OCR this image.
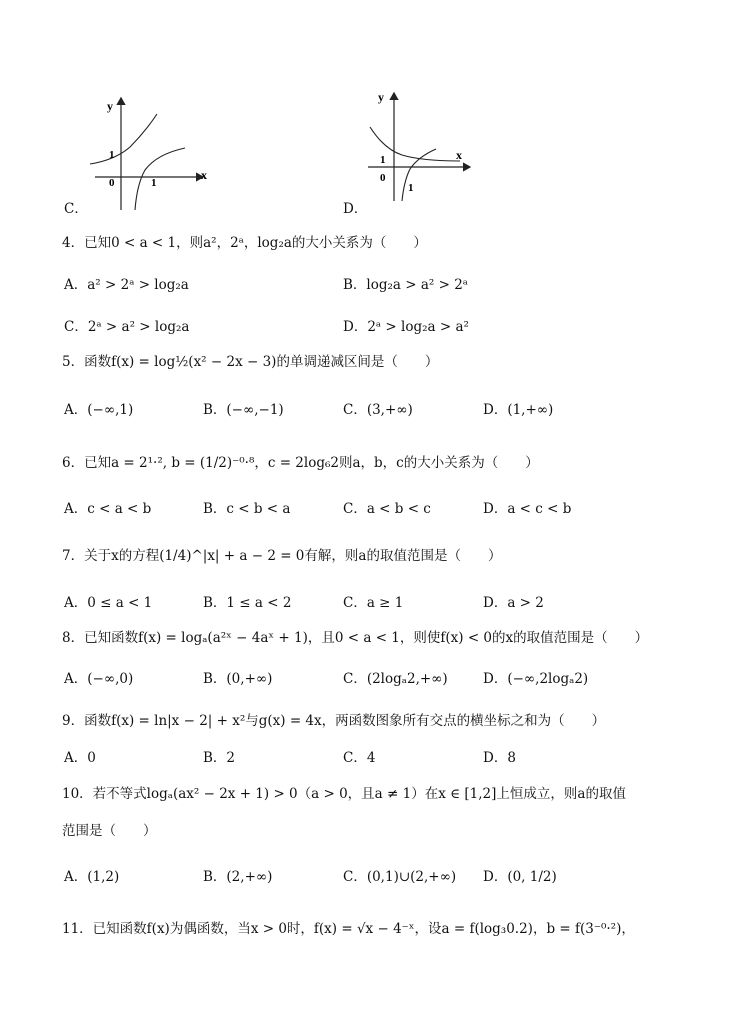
y
x
1
0	1
C．
y
x
1
0
1
D．
4．已知0 < a < 1，则a²，2ᵃ，log₂a的大小关系为（　　）
A．a² > 2ᵃ > log₂a	B．log₂a > a² > 2ᵃ
C．2ᵃ > a² > log₂a	D．2ᵃ > log₂a > a²
5．函数f(x) = log½(x² − 2x − 3)的单调递减区间是（　　）
A．(−∞,1)	B．(−∞,−1)	C．(3,+∞)	D．(1,+∞)
6．已知a = 2¹·², b = (1/2)⁻⁰·⁸，c = 2log₆2则a，b，c的大小关系为（　　）
A．c < a < b	B．c < b < a	C．a < b < c	D．a < c < b
7．关于x的方程(1/4)^|x| + a − 2 = 0有解，则a的取值范围是（　　）
A．0 ≤ a < 1	B．1 ≤ a < 2	C．a ≥ 1	D．a > 2
8．已知函数f(x) = logₐ(a²ˣ − 4aˣ + 1)，且0 < a < 1，则使f(x) < 0的x的取值范围是（　　）
A．(−∞,0)	B．(0,+∞)	C．(2logₐ2,+∞)	D．(−∞,2logₐ2)
9．函数f(x) = ln|x − 2| + x²与g(x) = 4x，两函数图象所有交点的横坐标之和为（　　）
A．0	B．2	C．4	D．8
10．若不等式logₐ(ax² − 2x + 1) > 0（a > 0，且a ≠ 1）在x ∈ [1,2]上恒成立，则a的取值
范围是（　　）
A．(1,2)	B．(2,+∞)	C．(0,1)∪(2,+∞) D．(0, 1/2)
11．已知函数f(x)为偶函数，当x > 0时，f(x) = √x − 4⁻ˣ，设a = f(log₃0.2)，b = f(3⁻⁰·²)，
